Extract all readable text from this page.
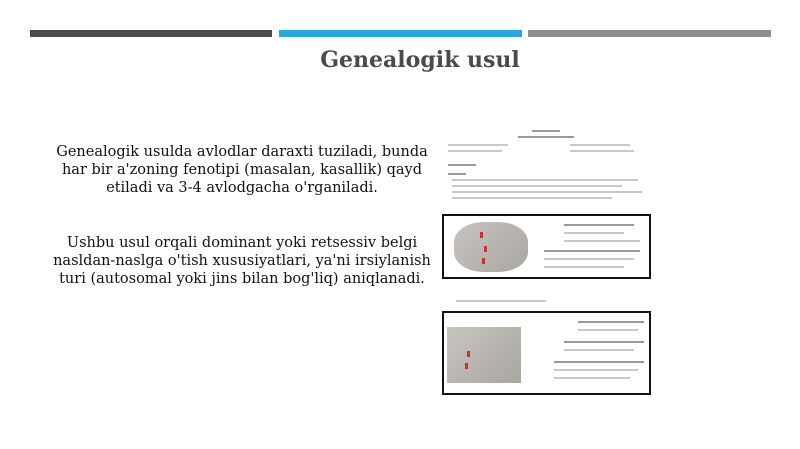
Genealogik usul
Genealogik usulda avlodlar daraxti tuziladi, bunda har bir a'zoning fenotipi (masalan, kasallik) qayd etiladi va 3-4 avlodgacha o'rganiladi.
Ushbu usul orqali dominant yoki retsessiv belgi nasldan-naslga o'tish xususiyatlari, ya'ni irsiylanish turi (autosomal yoki jins bilan bog'liq) aniqlanadi.
